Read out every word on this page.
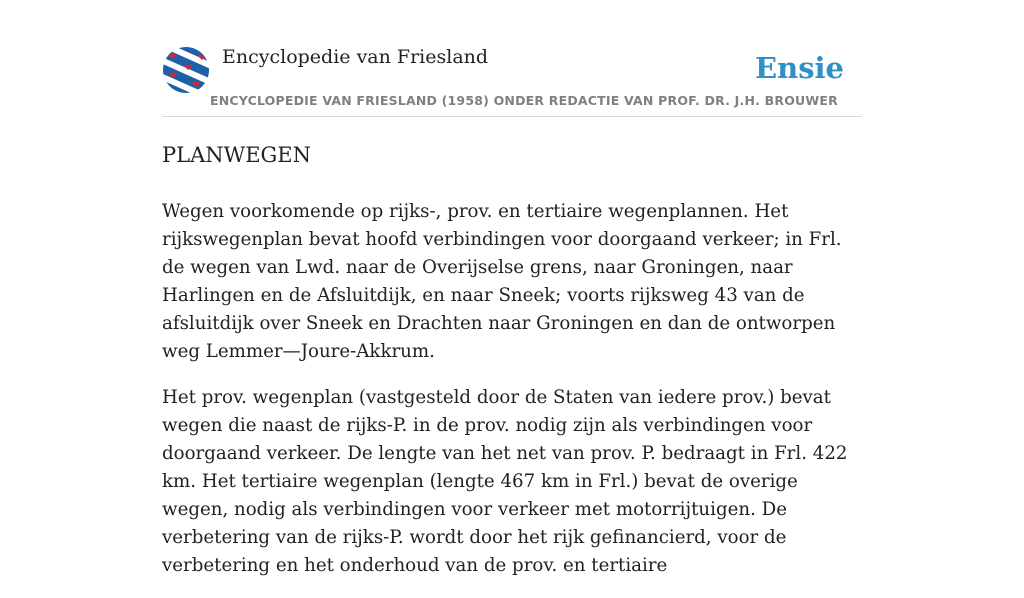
Encyclopedie van Friesland	Ensie
ENCYCLOPEDIE VAN FRIESLAND (1958) ONDER REDACTIE VAN PROF. DR. J.H. BROUWER
PLANWEGEN

Wegen voorkomende op rijks-, prov. en tertiaire wegenplannen. Het rijkswegenplan bevat hoofd verbindingen voor doorgaand verkeer; in Frl. de wegen van Lwd. naar de Overijselse grens, naar Groningen, naar Harlingen en de Afsluitdijk, en naar Sneek; voorts rijksweg 43 van de afsluitdijk over Sneek en Drachten naar Groningen en dan de ontworpen weg Lemmer—Joure-Akkrum.

Het prov. wegenplan (vastgesteld door de Staten van iedere prov.) bevat wegen die naast de rijks-P. in de prov. nodig zijn als verbindingen voor doorgaand verkeer. De lengte van het net van prov. P. bedraagt in Frl. 422 km. Het tertiaire wegenplan (lengte 467 km in Frl.) bevat de overige wegen, nodig als verbindingen voor verkeer met motorrijtuigen. De verbetering van de rijks-P. wordt door het rijk gefinancierd, voor de verbetering en het onderhoud van de prov. en tertiaire
